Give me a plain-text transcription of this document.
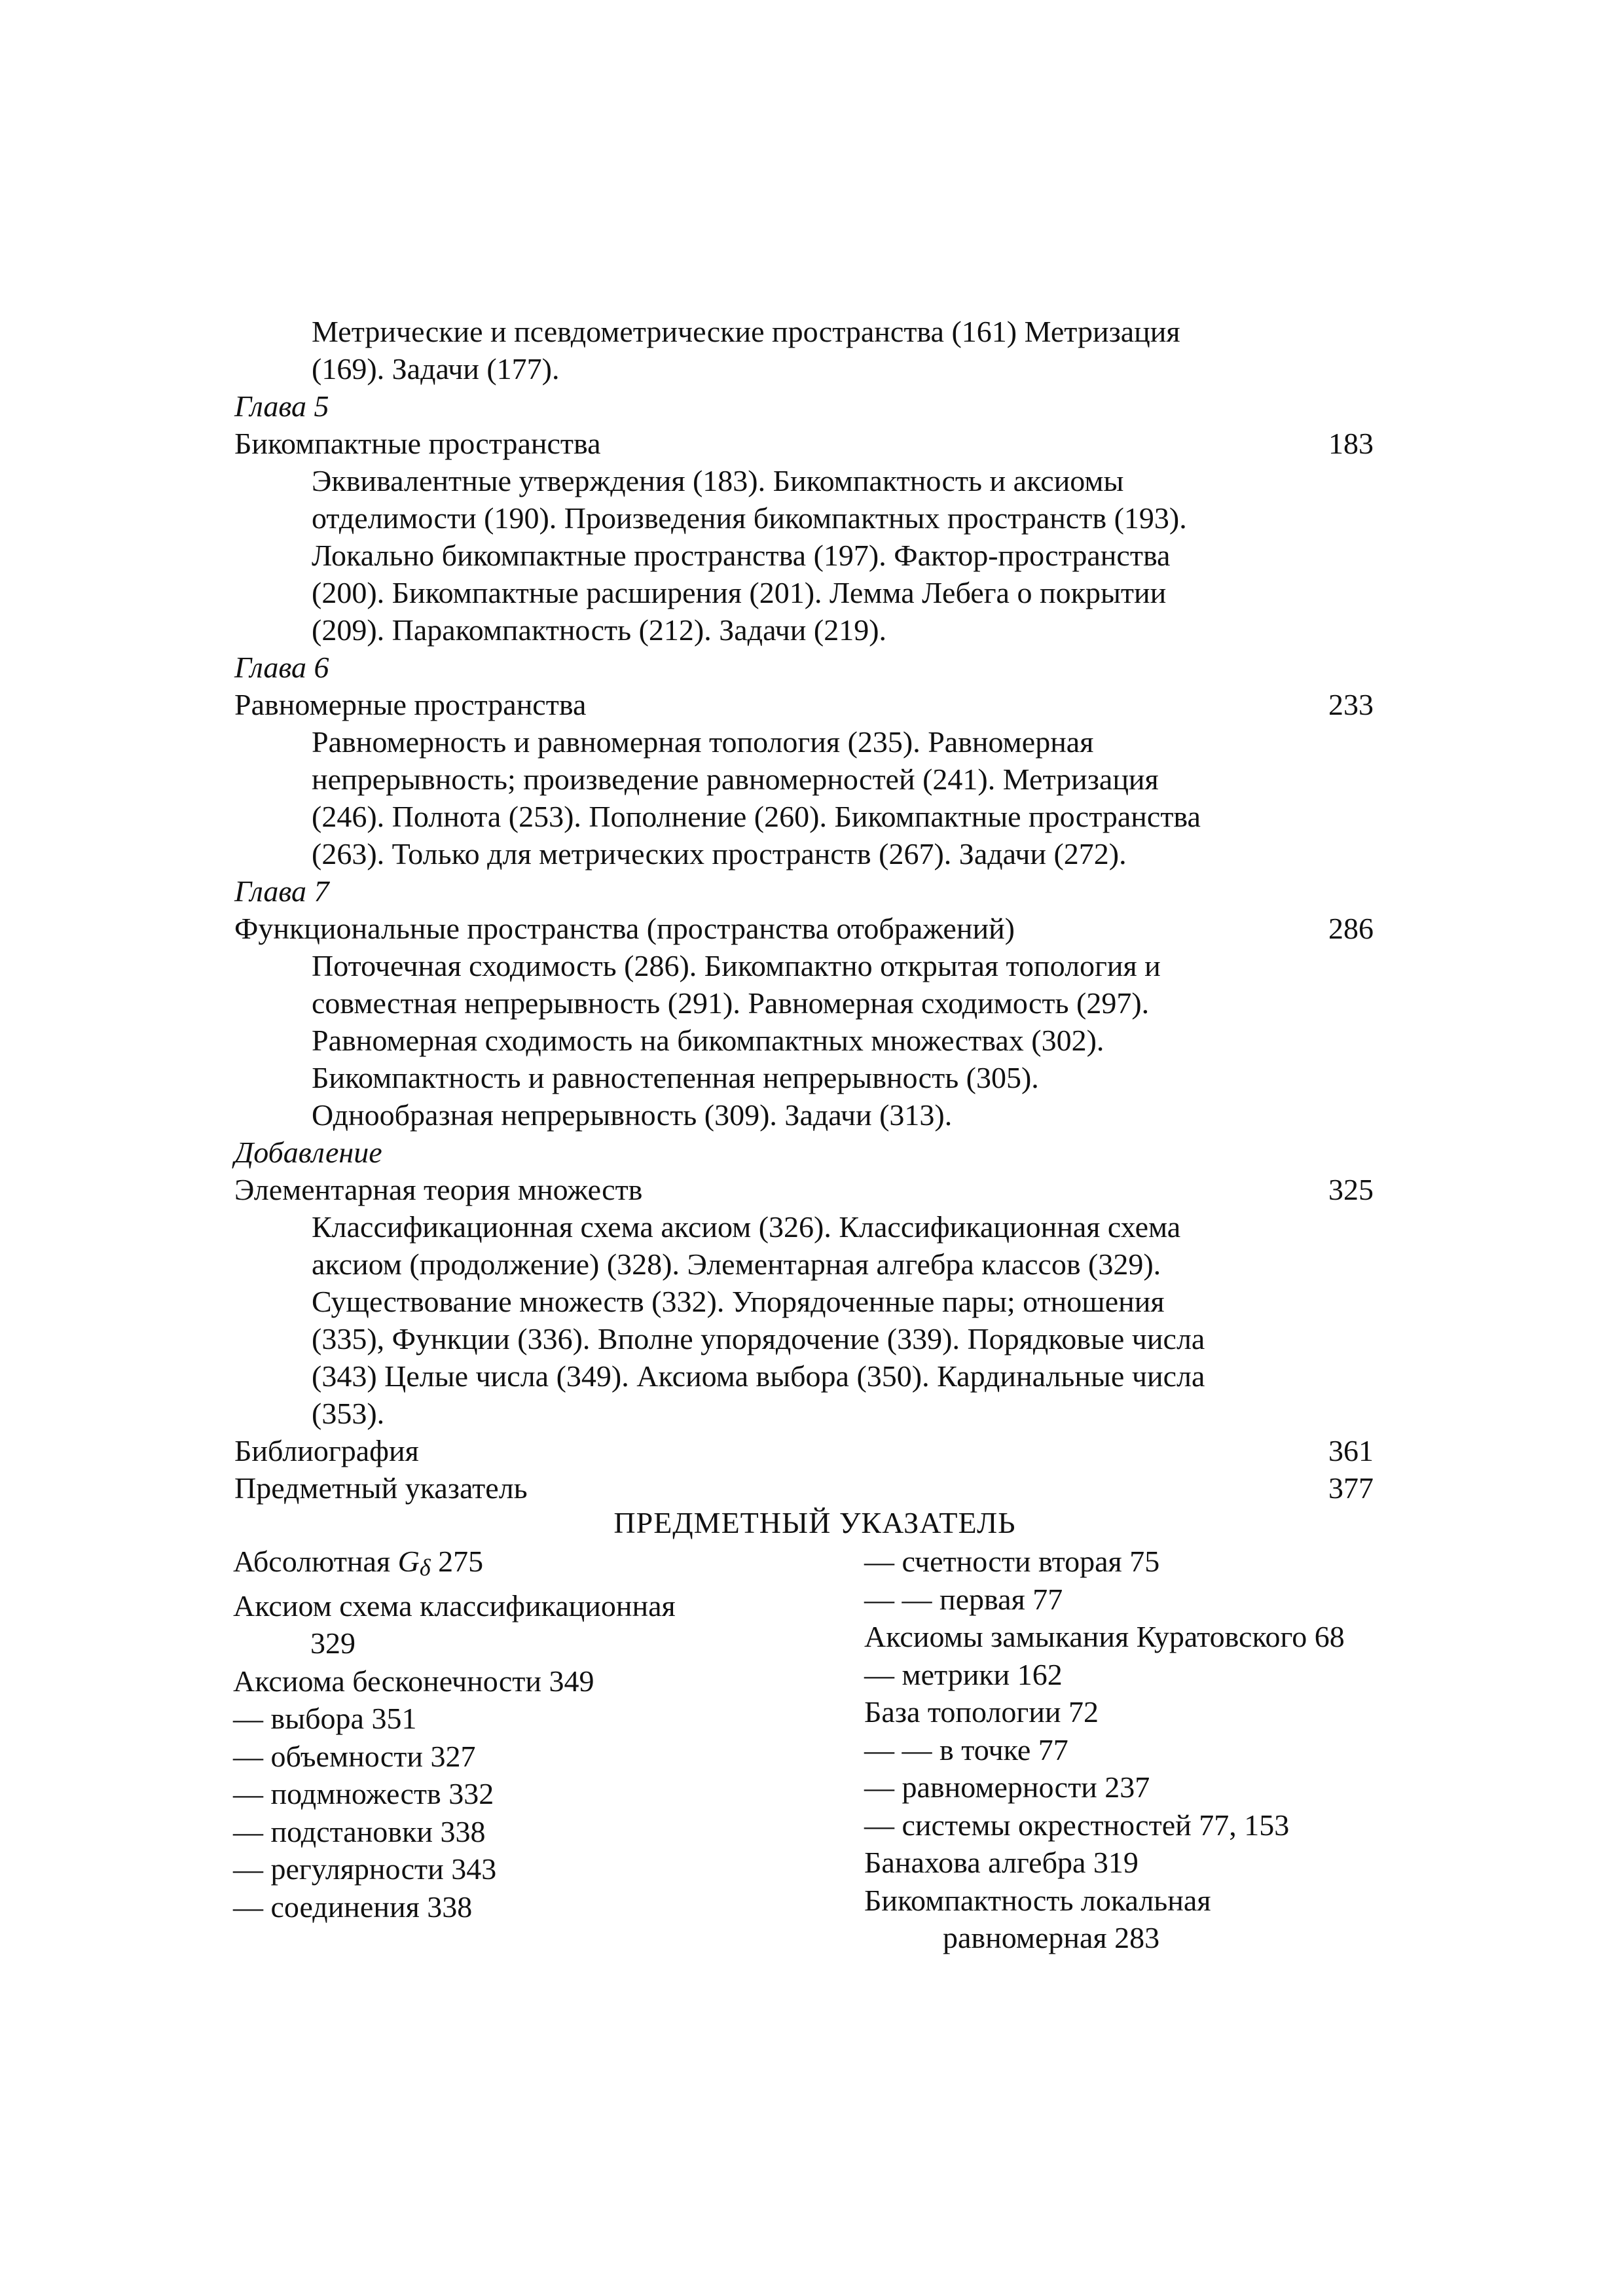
Метрические и псевдометрические пространства (161) Метризация
(169). Задачи (177).
Глава 5
Бикомпактные пространства	183
Эквивалентные утверждения (183). Бикомпактность и аксиомы
отделимости (190). Произведения бикомпактных пространств (193).
Локально бикомпактные пространства (197). Фактор-пространства
(200). Бикомпактные расширения (201). Лемма Лебега о покрытии
(209). Паракомпактность (212). Задачи (219).
Глава 6
Равномерные пространства	233
Равномерность и равномерная топология (235). Равномерная
непрерывность; произведение равномерностей (241). Метризация
(246). Полнота (253). Пополнение (260). Бикомпактные пространства
(263). Только для метрических пространств (267). Задачи (272).
Глава 7
Функциональные пространства (пространства отображений)	286
Поточечная сходимость (286). Бикомпактно открытая топология и
совместная непрерывность (291). Равномерная сходимость (297).
Равномерная сходимость на бикомпактных множествах (302).
Бикомпактность и равностепенная непрерывность (305).
Однообразная непрерывность (309). Задачи (313).
Добавление
Элементарная теория множеств	325
Классификационная схема аксиом (326). Классификационная схема
аксиом (продолжение) (328). Элементарная алгебра классов (329).
Существование множеств (332). Упорядоченные пары; отношения
(335), Функции (336). Вполне упорядочение (339). Порядковые числа
(343) Целые числа (349). Аксиома выбора (350). Кардинальные числа
(353).
Библиография	361
Предметный указатель	377
ПРЕДМЕТНЫЙ УКАЗАТЕЛЬ
Абсолютная Gδ 275
Аксиом схема классификационная
329
Аксиома бесконечности 349
— выбора 351
— объемности 327
— подмножеств 332
— подстановки 338
— регулярности 343
— соединения 338
— счетности вторая 75
— — первая 77
Аксиомы замыкания Куратовского 68
— метрики 162
База топологии 72
— — в точке 77
— равномерности 237
— системы окрестностей 77, 153
Банахова алгебра 319
Бикомпактность локальная
равномерная 283
